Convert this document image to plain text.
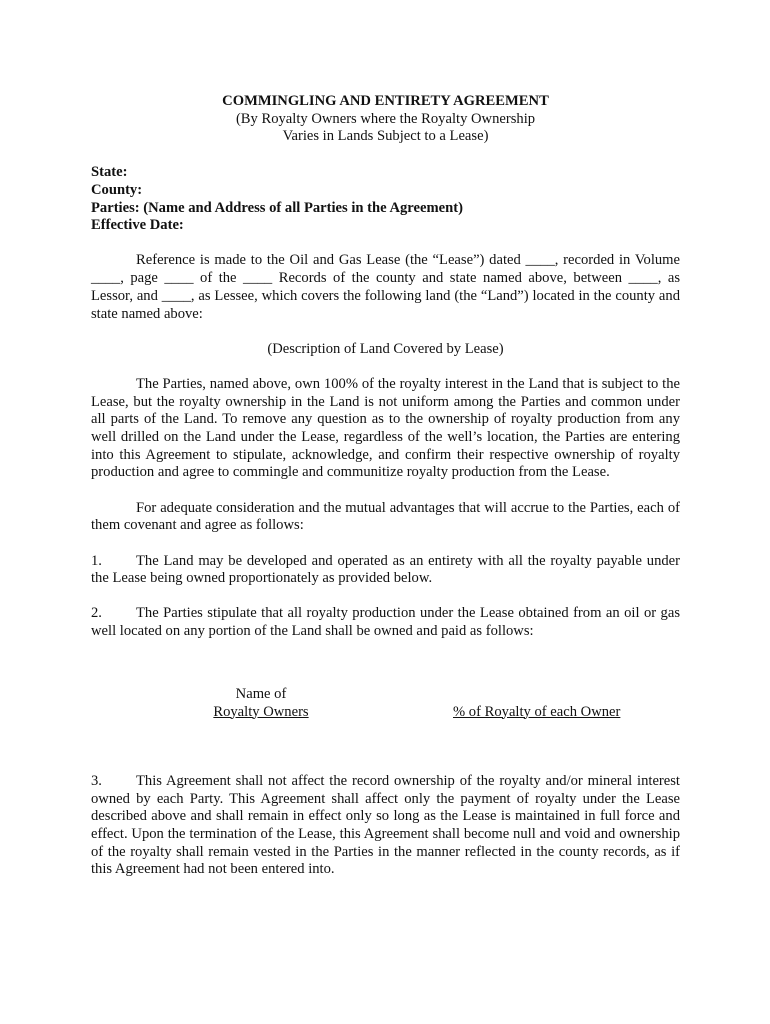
COMMINGLING AND ENTIRETY AGREEMENT

(By Royalty Owners where the Royalty Ownership

Varies in Lands Subject to a Lease)

State:

County:

Parties: (Name and Address of all Parties in the Agreement)

Effective Date:

Reference is made to the Oil and Gas Lease (the “Lease”) dated ____, recorded in Volume ____, page ____ of the ____ Records of the county and state named above, between ____, as Lessor, and ____, as Lessee, which covers the following land (the “Land”) located in the county and state named above:

(Description of Land Covered by Lease)

The Parties, named above, own 100% of the royalty interest in the Land that is subject to the Lease, but the royalty ownership in the Land is not uniform among the Parties and common under all parts of the Land. To remove any question as to the ownership of royalty production from any well drilled on the Land under the Lease, regardless of the well’s location, the Parties are entering into this Agreement to stipulate, acknowledge, and confirm their respective ownership of royalty production and agree to commingle and communitize royalty production from the Lease.

For adequate consideration and the mutual advantages that will accrue to the Parties, each of them covenant and agree as follows:

1. The Land may be developed and operated as an entirety with all the royalty payable under the Lease being owned proportionately as provided below.

2. The Parties stipulate that all royalty production under the Lease obtained from an oil or gas well located on any portion of the Land shall be owned and paid as follows:

Name of
Royalty Owners	% of Royalty of each Owner

3. This Agreement shall not affect the record ownership of the royalty and/or mineral interest owned by each Party. This Agreement shall affect only the payment of royalty under the Lease described above and shall remain in effect only so long as the Lease is maintained in full force and effect. Upon the termination of the Lease, this Agreement shall become null and void and ownership of the royalty shall remain vested in the Parties in the manner reflected in the county records, as if this Agreement had not been entered into.
